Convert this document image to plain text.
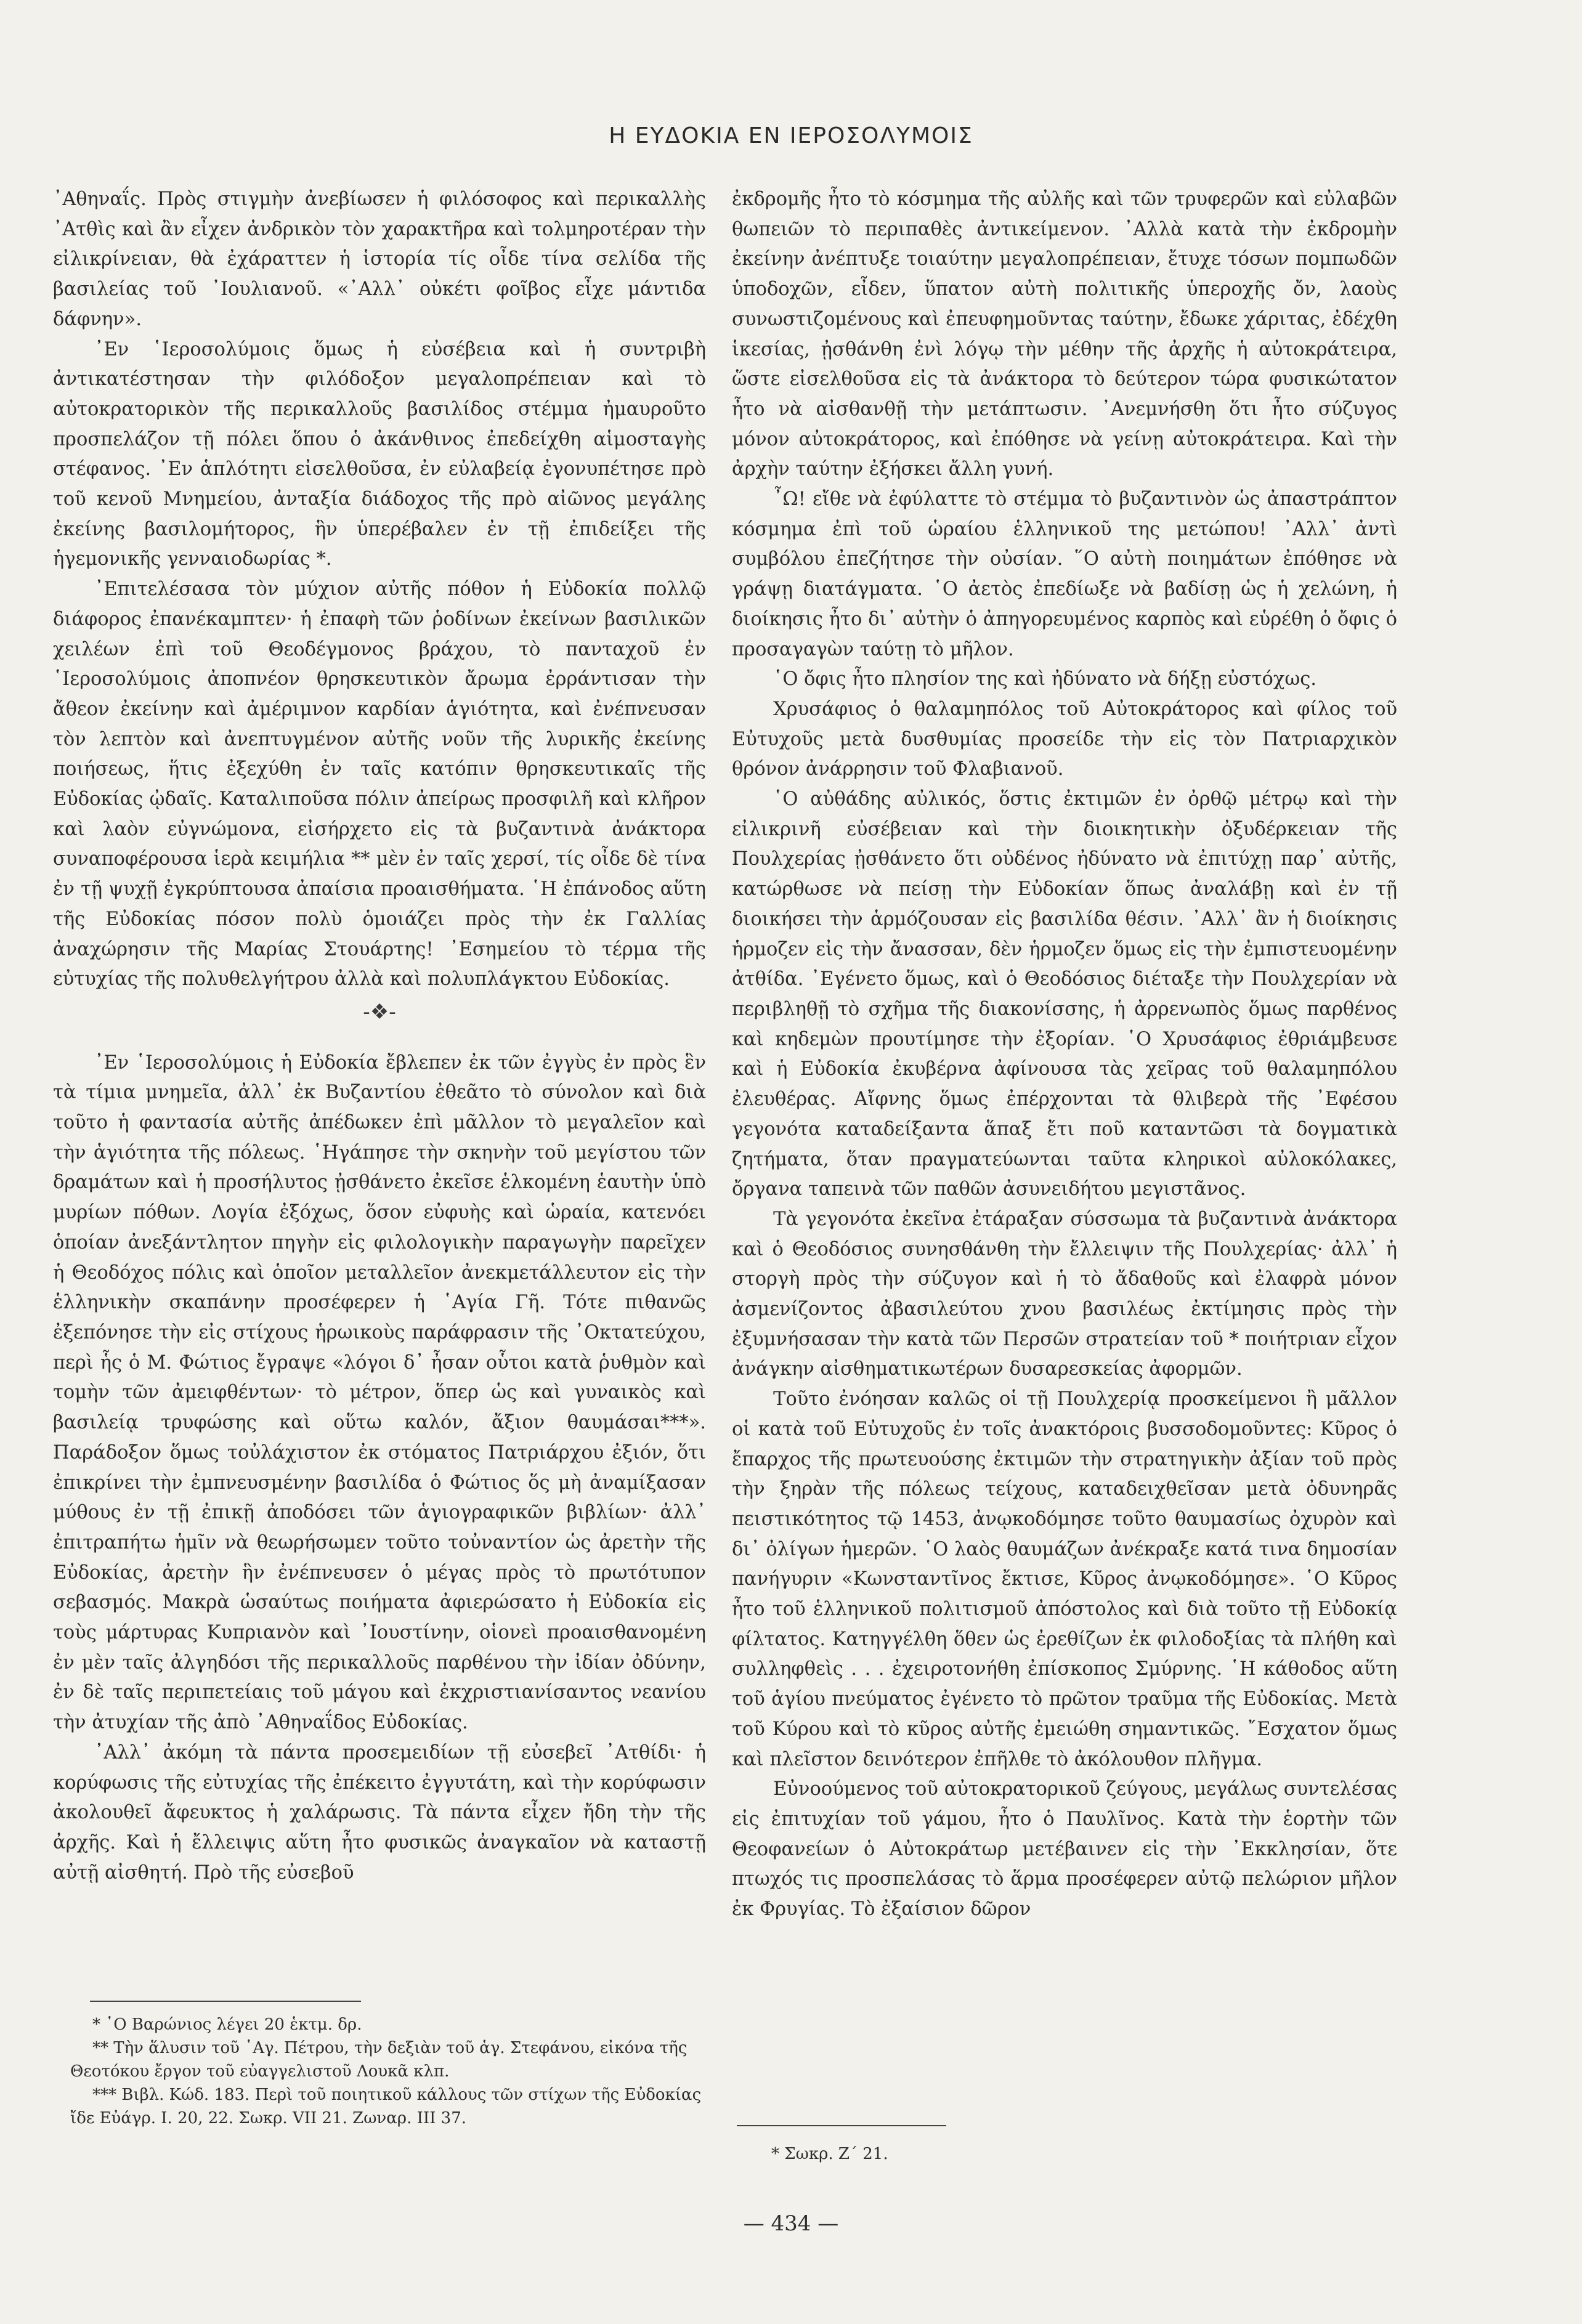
Η ΕΥΔΟΚΙΑ ΕΝ ΙΕΡΟΣΟΛΥΜΟΙΣ

᾿Αθηναΐς. Πρὸς στιγμὴν ἀνεβίωσεν ἡ φιλόσοφος καὶ περικαλλὴς ᾿Ατθὶς καὶ ἂν εἶχεν ἀνδρικὸν τὸν χαρακτῆρα καὶ τολμηροτέραν τὴν εἰλικρίνειαν, θὰ ἐχάραττεν ἡ ἱστορία τίς οἶδε τίνα σελίδα τῆς βασιλείας τοῦ ᾿Ιουλιανοῦ. «᾿Αλλ᾿ οὐκέτι φοῖβος εἶχε μάντιδα δάφνην».

᾿Εν ῾Ιεροσολύμοις ὅμως ἡ εὐσέβεια καὶ ἡ συντριβὴ ἀντικατέστησαν τὴν φιλόδοξον μεγαλοπρέπειαν καὶ τὸ αὐτοκρατορικὸν τῆς περικαλλοῦς βασιλίδος στέμμα ἠμαυροῦτο προσπελάζον τῇ πόλει ὅπου ὁ ἀκάνθινος ἐπεδείχθη αἱμοσταγὴς στέφανος. ᾿Εν ἁπλότητι εἰσελθοῦσα, ἐν εὐλαβείᾳ ἐγονυπέτησε πρὸ τοῦ κενοῦ Μνημείου, ἀνταξία διάδοχος τῆς πρὸ αἰῶνος μεγάλης ἐκείνης βασιλομήτορος, ἣν ὑπερέβαλεν ἐν τῇ ἐπιδείξει τῆς ἡγεμονικῆς γενναιοδωρίας *.

᾿Επιτελέσασα τὸν μύχιον αὐτῆς πόθον ἡ Εὐδοκία πολλῷ διάφορος ἐπανέκαμπτεν· ἡ ἐπαφὴ τῶν ῥοδίνων ἐκείνων βασιλικῶν χειλέων ἐπὶ τοῦ Θεοδέγμονος βράχου, τὸ πανταχοῦ ἐν ῾Ιεροσολύμοις ἀποπνέον θρησκευτικὸν ἄρωμα ἐρράντισαν τὴν ἄθεον ἐκείνην καὶ ἀμέριμνον καρδίαν ἁγιότητα, καὶ ἐνέπνευσαν τὸν λεπτὸν καὶ ἀνεπτυγμένον αὐτῆς νοῦν τῆς λυρικῆς ἐκείνης ποιήσεως, ἥτις ἐξεχύθη ἐν ταῖς κατόπιν θρησκευτικαῖς τῆς Εὐδοκίας ᾠδαῖς. Καταλιποῦσα πόλιν ἀπείρως προσφιλῆ καὶ κλῆρον καὶ λαὸν εὐγνώμονα, εἰσήρχετο εἰς τὰ βυζαντινὰ ἀνάκτορα συναποφέρουσα ἱερὰ κειμήλια ** μὲν ἐν ταῖς χερσί, τίς οἶδε δὲ τίνα ἐν τῇ ψυχῇ ἐγκρύπτουσα ἀπαίσια προαισθήματα. ῾Η ἐπάνοδος αὕτη τῆς Εὐδοκίας πόσον πολὺ ὁμοιάζει πρὸς τὴν ἐκ Γαλλίας ἀναχώρησιν τῆς Μαρίας Στουάρτης! ᾿Εσημείου τὸ τέρμα τῆς εὐτυχίας τῆς πολυθελγήτρου ἀλλὰ καὶ πολυπλάγκτου Εὐδοκίας.

-❖-

᾿Εν ῾Ιεροσολύμοις ἡ Εὐδοκία ἔβλεπεν ἐκ τῶν ἐγγὺς ἐν πρὸς ἓν τὰ τίμια μνημεῖα, ἀλλ᾿ ἐκ Βυζαντίου ἐθεᾶτο τὸ σύνολον καὶ διὰ τοῦτο ἡ φαντασία αὐτῆς ἀπέδωκεν ἐπὶ μᾶλλον τὸ μεγαλεῖον καὶ τὴν ἁγιότητα τῆς πόλεως. ῾Ηγάπησε τὴν σκηνὴν τοῦ μεγίστου τῶν δραμάτων καὶ ἡ προσήλυτος ᾐσθάνετο ἐκεῖσε ἑλκομένη ἑαυτὴν ὑπὸ μυρίων πόθων. Λογία ἐξόχως, ὅσον εὐφυὴς καὶ ὡραία, κατενόει ὁποίαν ἀνεξάντλητον πηγὴν εἰς φιλολογικὴν παραγωγὴν παρεῖχεν ἡ Θεοδόχος πόλις καὶ ὁποῖον μεταλλεῖον ἀνεκμετάλλευτον εἰς τὴν ἑλληνικὴν σκαπάνην προσέφερεν ἡ ῾Αγία Γῆ. Τότε πιθανῶς ἐξεπόνησε τὴν εἰς στίχους ἡρωικοὺς παράφρασιν τῆς ᾿Οκτατεύχου, περὶ ἧς ὁ Μ. Φώτιος ἔγραψε «λόγοι δ᾿ ἦσαν οὗτοι κατὰ ῥυθμὸν καὶ τομὴν τῶν ἀμειφθέντων· τὸ μέτρον, ὅπερ ὡς καὶ γυναικὸς καὶ βασιλείᾳ τρυφώσης καὶ οὕτω καλόν, ἄξιον θαυμάσαι***». Παράδοξον ὅμως τοὐλάχιστον ἐκ στόματος Πατριάρχου ἐξιόν, ὅτι ἐπικρίνει τὴν ἐμπνευσμένην βασιλίδα ὁ Φώτιος ὅς μὴ ἀναμίξασαν μύθους ἐν τῇ ἐπικῇ ἀποδόσει τῶν ἁγιογραφικῶν βιβλίων· ἀλλ᾿ ἐπιτραπήτω ἡμῖν νὰ θεωρήσωμεν τοῦτο τοὐναντίον ὡς ἀρετὴν τῆς Εὐδοκίας, ἀρετὴν ἣν ἐνέπνευσεν ὁ μέγας πρὸς τὸ πρωτότυπον σεβασμός. Μακρὰ ὡσαύτως ποιήματα ἀφιερώσατο ἡ Εὐδοκία εἰς τοὺς μάρτυρας Κυπριανὸν καὶ ᾿Ιουστίνην, οἱονεὶ προαισθανομένη ἐν μὲν ταῖς ἀλγηδόσι τῆς περικαλλοῦς παρθένου τὴν ἰδίαν ὀδύνην, ἐν δὲ ταῖς περιπετείαις τοῦ μάγου καὶ ἐκχριστιανίσαντος νεανίου τὴν ἀτυχίαν τῆς ἀπὸ ᾿Αθηναΐδος Εὐδοκίας.

᾿Αλλ᾿ ἀκόμη τὰ πάντα προσεμειδίων τῇ εὐσεβεῖ ᾿Ατθίδι· ἡ κορύφωσις τῆς εὐτυχίας τῆς ἐπέκειτο ἐγγυτάτη, καὶ τὴν κορύφωσιν ἀκολουθεῖ ἄφευκτος ἡ χαλάρωσις. Τὰ πάντα εἶχεν ἤδη τὴν τῆς ἀρχῆς. Καὶ ἡ ἔλλειψις αὕτη ἦτο φυσικῶς ἀναγκαῖον νὰ καταστῇ αὐτῇ αἰσθητή. Πρὸ τῆς εὐσεβοῦ

* ῾Ο Βαρώνιος λέγει 20 ἑκτμ. δρ.
** Τὴν ἅλυσιν τοῦ ῾Αγ. Πέτρου, τὴν δεξιὰν τοῦ ἁγ. Στεφάνου, εἰκόνα τῆς Θεοτόκου ἔργον τοῦ εὐαγγελιστοῦ Λουκᾶ κλπ.
*** Βιβλ. Κώδ. 183. Περὶ τοῦ ποιητικοῦ κάλλους τῶν στίχων τῆς Εὐδοκίας ἴδε Εὐάγρ. I. 20, 22. Σωκρ. VII 21. Ζωναρ. III 37.

ἐκδρομῆς ἦτο τὸ κόσμημα τῆς αὐλῆς καὶ τῶν τρυφερῶν καὶ εὐλαβῶν θωπειῶν τὸ περιπαθὲς ἀντικείμενον. ᾿Αλλὰ κατὰ τὴν ἐκδρομὴν ἐκείνην ἀνέπτυξε τοιαύτην μεγαλοπρέπειαν, ἔτυχε τόσων πομπωδῶν ὑποδοχῶν, εἶδεν, ὕπατον αὐτὴ πολιτικῆς ὑπεροχῆς ὄν, λαοὺς συνωστιζομένους καὶ ἐπευφημοῦντας ταύτην, ἔδωκε χάριτας, ἐδέχθη ἱκεσίας, ᾐσθάνθη ἐνὶ λόγῳ τὴν μέθην τῆς ἀρχῆς ἡ αὐτοκράτειρα, ὥστε εἰσελθοῦσα εἰς τὰ ἀνάκτορα τὸ δεύτερον τώρα φυσικώτατον ἦτο νὰ αἰσθανθῇ τὴν μετάπτωσιν. ᾿Ανεμνήσθη ὅτι ἦτο σύζυγος μόνον αὐτοκράτορος, καὶ ἐπόθησε νὰ γείνῃ αὐτοκράτειρα. Καὶ τὴν ἀρχὴν ταύτην ἐξήσκει ἄλλη γυνή.

῏Ω! εἴθε νὰ ἐφύλαττε τὸ στέμμα τὸ βυζαντινὸν ὡς ἀπαστράπτον κόσμημα ἐπὶ τοῦ ὡραίου ἑλληνικοῦ της μετώπου! ᾿Αλλ᾿ ἀντὶ συμβόλου ἐπεζήτησε τὴν οὐσίαν. ῞Ο αὐτὴ ποιημάτων ἐπόθησε νὰ γράψῃ διατάγματα. ῾Ο ἀετὸς ἐπεδίωξε νὰ βαδίσῃ ὡς ἡ χελώνη, ἡ διοίκησις ἦτο δι᾿ αὐτὴν ὁ ἀπηγορευμένος καρπὸς καὶ εὑρέθη ὁ ὄφις ὁ προσαγαγὼν ταύτῃ τὸ μῆλον.

῾Ο ὄφις ἦτο πλησίον της καὶ ἠδύνατο νὰ δήξῃ εὐστόχως.

Χρυσάφιος ὁ θαλαμηπόλος τοῦ Αὐτοκράτορος καὶ φίλος τοῦ Εὐτυχοῦς μετὰ δυσθυμίας προσείδε τὴν εἰς τὸν Πατριαρχικὸν θρόνον ἀνάρρησιν τοῦ Φλαβιανοῦ.

῾Ο αὐθάδης αὐλικός, ὅστις ἐκτιμῶν ἐν ὀρθῷ μέτρῳ καὶ τὴν εἰλικρινῆ εὐσέβειαν καὶ τὴν διοικητικὴν ὀξυδέρκειαν τῆς Πουλχερίας ᾐσθάνετο ὅτι οὐδένος ἠδύνατο νὰ ἐπιτύχῃ παρ᾿ αὐτῆς, κατώρθωσε νὰ πείσῃ τὴν Εὐδοκίαν ὅπως ἀναλάβῃ καὶ ἐν τῇ διοικήσει τὴν ἁρμόζουσαν εἰς βασιλίδα θέσιν. ᾿Αλλ᾿ ἂν ἡ διοίκησις ἡρμοζεν εἰς τὴν ἄνασσαν, δὲν ἡρμοζεν ὅμως εἰς τὴν ἐμπιστευομένην ἀτθίδα. ᾿Εγένετο ὅμως, καὶ ὁ Θεοδόσιος διέταξε τὴν Πουλχερίαν νὰ περιβληθῇ τὸ σχῆμα τῆς διακονίσσης, ἡ ἀρρενωπὸς ὅμως παρθένος καὶ κηδεμὼν προυτίμησε τὴν ἐξορίαν. ῾Ο Χρυσάφιος ἐθριάμβευσε καὶ ἡ Εὐδοκία ἐκυβέρνα ἀφίνουσα τὰς χεῖρας τοῦ θαλαμηπόλου ἐλευθέρας. Αἴφνης ὅμως ἐπέρχονται τὰ θλιβερὰ τῆς ᾿Εφέσου γεγονότα καταδείξαντα ἅπαξ ἔτι ποῦ καταντῶσι τὰ δογματικὰ ζητήματα, ὅταν πραγματεύωνται ταῦτα κληρικοὶ αὐλοκόλακες, ὄργανα ταπεινὰ τῶν παθῶν ἀσυνειδήτου μεγιστᾶνος.

Τὰ γεγονότα ἐκεῖνα ἐτάραξαν σύσσωμα τὰ βυζαντινὰ ἀνάκτορα καὶ ὁ Θεοδόσιος συνησθάνθη τὴν ἔλλειψιν τῆς Πουλχερίας· ἀλλ᾿ ἡ στοργὴ πρὸς τὴν σύζυγον καὶ ἡ τὸ ἄδαθοῦς καὶ ἐλαφρὰ μόνον ἀσμενίζοντος ἀβασιλεύτου χνου βασιλέως ἐκτίμησις πρὸς τὴν ἐξυμνήσασαν τὴν κατὰ τῶν Περσῶν στρατείαν τοῦ * ποιήτριαν εἶχον ἀνάγκην αἰσθηματικωτέρων δυσαρεσκείας ἀφορμῶν.

Τοῦτο ἐνόησαν καλῶς οἱ τῇ Πουλχερίᾳ προσκείμενοι ἢ μᾶλλον οἱ κατὰ τοῦ Εὐτυχοῦς ἐν τοῖς ἀνακτόροις βυσσοδομοῦντες: Κῦρος ὁ ἔπαρχος τῆς πρωτευούσης ἐκτιμῶν τὴν στρατηγικὴν ἀξίαν τοῦ πρὸς τὴν ξηρὰν τῆς πόλεως τείχους, καταδειχθεῖσαν μετὰ ὀδυνηρᾶς πειστικότητος τῷ 1453, ἀνῳκοδόμησε τοῦτο θαυμασίως ὀχυρὸν καὶ δι᾿ ὀλίγων ἡμερῶν. ῾Ο λαὸς θαυμάζων ἀνέκραξε κατά τινα δημοσίαν πανήγυριν «Κωνσταντῖνος ἔκτισε, Κῦρος ἀνῳκοδόμησε». ῾Ο Κῦρος ἦτο τοῦ ἑλληνικοῦ πολιτισμοῦ ἀπόστολος καὶ διὰ τοῦτο τῇ Εὐδοκίᾳ φίλτατος. Κατηγγέλθη ὅθεν ὡς ἐρεθίζων ἐκ φιλοδοξίας τὰ πλήθη καὶ συλληφθεὶς . . . ἐχειροτονήθη ἐπίσκοπος Σμύρνης. ῾Η κάθοδος αὕτη τοῦ ἁγίου πνεύματος ἐγένετο τὸ πρῶτον τραῦμα τῆς Εὐδοκίας. Μετὰ τοῦ Κύρου καὶ τὸ κῦρος αὐτῆς ἐμειώθη σημαντικῶς. ῎Εσχατον ὅμως καὶ πλεῖστον δεινότερον ἐπῆλθε τὸ ἀκόλουθον πλῆγμα.

Εὐνοούμενος τοῦ αὐτοκρατορικοῦ ζεύγους, μεγάλως συντελέσας εἰς ἐπιτυχίαν τοῦ γάμου, ἦτο ὁ Παυλῖνος. Κατὰ τὴν ἑορτὴν τῶν Θεοφανείων ὁ Αὐτοκράτωρ μετέβαινεν εἰς τὴν ᾿Εκκλησίαν, ὅτε πτωχός τις προσπελάσας τὸ ἅρμα προσέφερεν αὐτῷ πελώριον μῆλον ἐκ Φρυγίας. Τὸ ἐξαίσιον δῶρον

* Σωκρ. Ζ´ 21.
— 434 —
